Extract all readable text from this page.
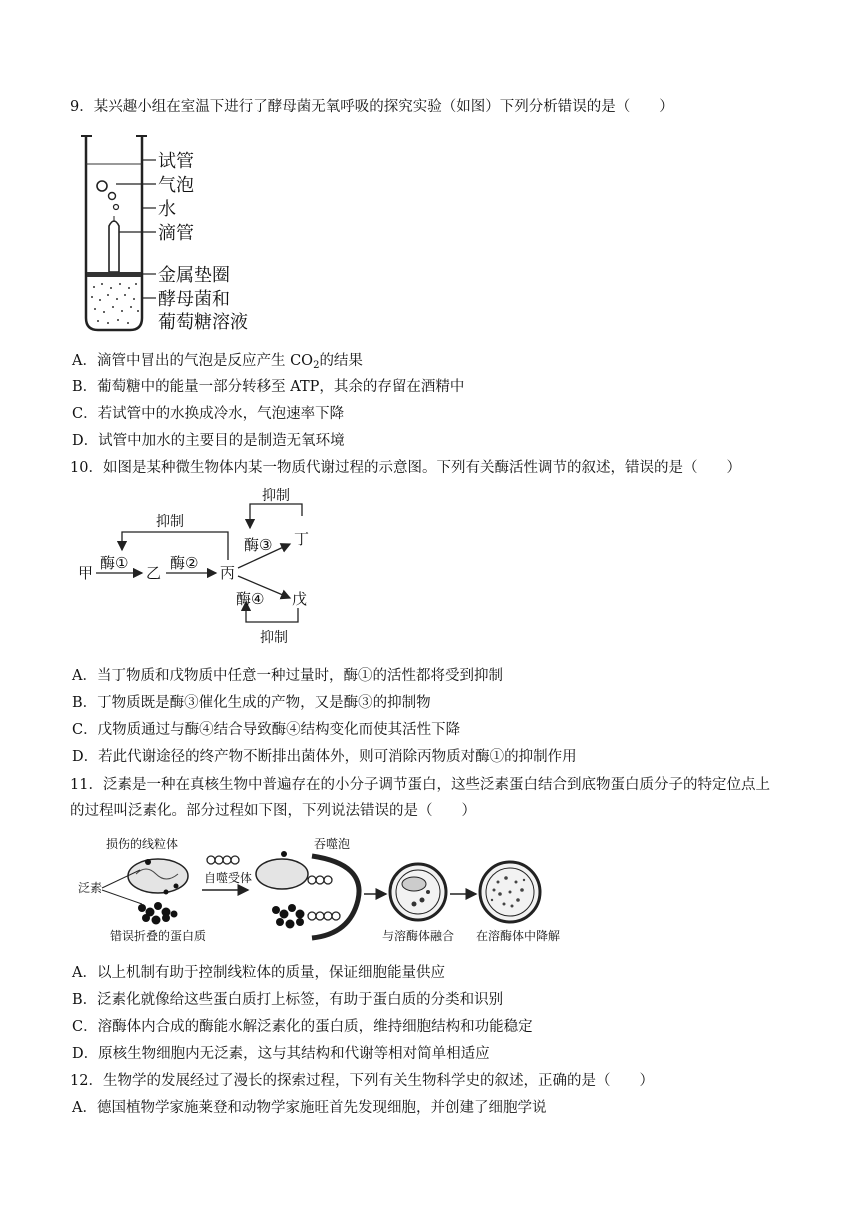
9．某兴趣小组在室温下进行了酵母菌无氧呼吸的探究实验（如图）下列分析错误的是（　　）
试管
气泡
水
滴管
金属垫圈
酵母菌和
葡萄糖溶液
A．滴管中冒出的气泡是反应产生 $CO_2$的结果
B．葡萄糖中的能量一部分转移至 ATP，其余的存留在酒精中
C．若试管中的水换成冷水，气泡速率下降
D．试管中加水的主要目的是制造无氧环境
10．如图是某种微生物体内某一物质代谢过程的示意图。下列有关酶活性调节的叙述，错误的是（　　）
抑制
抑制
抑制
甲
酶①
乙
酶②
丙
酶③ 丁
酶④ 戊
A．当丁物质和戊物质中任意一种过量时，酶①的活性都将受到抑制
B．丁物质既是酶③催化生成的产物，又是酶③的抑制物
C．戊物质通过与酶④结合导致酶④结构变化而使其活性下降
D．若此代谢途径的终产物不断排出菌体外，则可消除丙物质对酶①的抑制作用
11．泛素是一种在真核生物中普遍存在的小分子调节蛋白，这些泛素蛋白结合到底物蛋白质分子的特定位点上
的过程叫泛素化。部分过程如下图，下列说法错误的是（　　）
损伤的线粒体
泛素
错误折叠的蛋白质
自噬受体
吞噬泡
与溶酶体融合 在溶酶体中降解
A．以上机制有助于控制线粒体的质量，保证细胞能量供应
B．泛素化就像给这些蛋白质打上标签，有助于蛋白质的分类和识别
C．溶酶体内合成的酶能水解泛素化的蛋白质，维持细胞结构和功能稳定
D．原核生物细胞内无泛素，这与其结构和代谢等相对简单相适应
12．生物学的发展经过了漫长的探索过程，下列有关生物科学史的叙述，正确的是（　　）
A．德国植物学家施莱登和动物学家施旺首先发现细胞，并创建了细胞学说
